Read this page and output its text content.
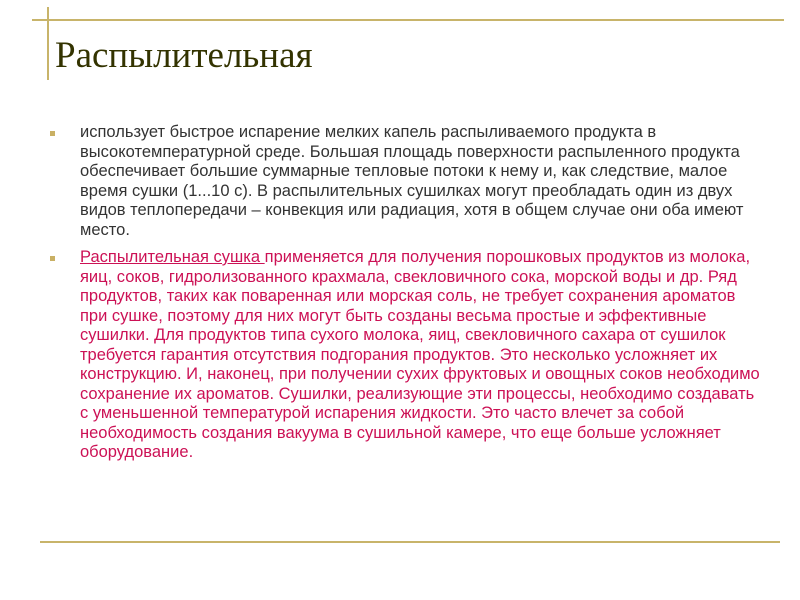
Распылительная
использует быстрое испарение мелких капель распыливаемого продукта в высокотемпературной среде. Большая площадь поверхности распыленного продукта обеспечивает большие суммарные тепловые потоки к нему и, как следствие, малое время сушки (1...10 с). В распылительных сушилках могут преобладать один из двух видов теплопередачи – конвекция или радиация, хотя в общем случае они оба имеют место.
Распылительная сушка применяется для получения порошковых продуктов из молока, яиц, соков, гидролизованного крахмала, свекловичного сока, морской воды и др. Ряд продуктов, таких как поваренная или морская соль, не требует сохранения ароматов при сушке, поэтому для них могут быть созданы весьма простые и эффективные сушилки. Для продуктов типа сухого молока, яиц, свекловичного сахара от сушилок требуется гарантия отсутствия подгорания продуктов. Это несколько усложняет их конструкцию. И, наконец, при получении сухих фруктовых и овощных соков необходимо сохранение их ароматов. Сушилки, реализующие эти процессы, необходимо создавать с уменьшенной температурой испарения жидкости. Это часто влечет за собой необходимость создания вакуума в сушильной камере, что еще больше усложняет оборудование.
